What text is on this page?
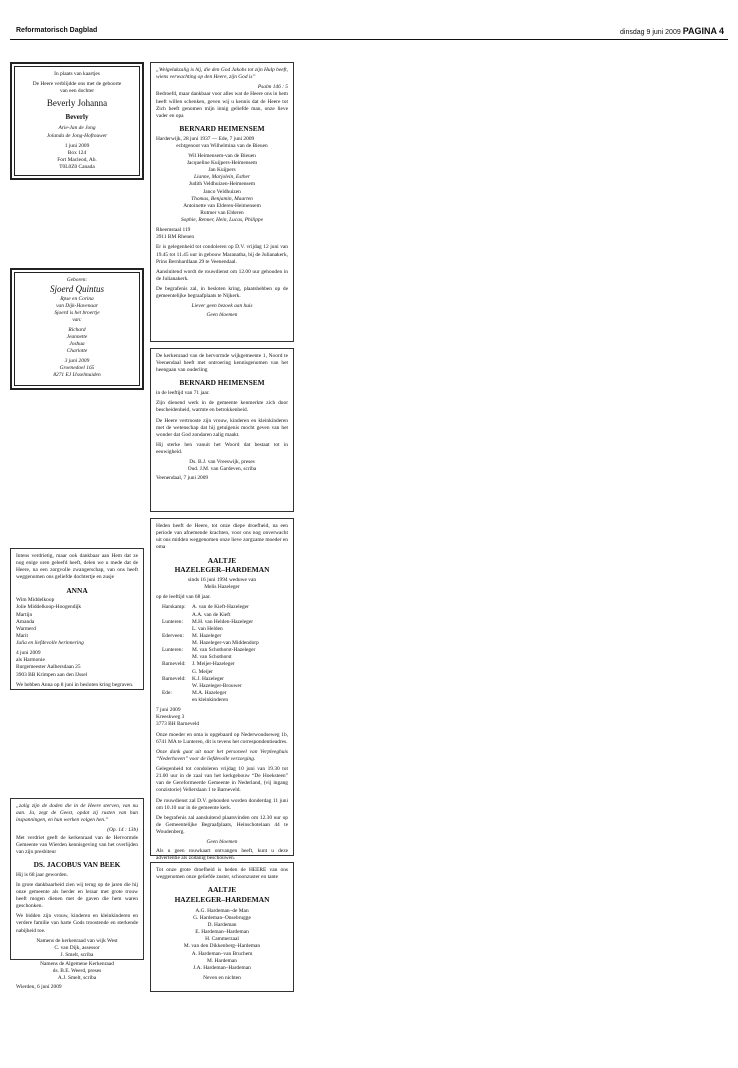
Reformatorisch Dagblad	dinsdag 9 juni 2009 PAGINA 4
In plaats van kaartjes
De Heere verblijdde ons met de geboorte
van een dochter
Beverly Johanna
Beverly
Arie-Jan de Jong
Jolanda de Jong-Hoftouwer
1 juni 2009
Box 124
Fort Macleod, Ab.
T0L0Z0 Canada
Geboren:
Sjoerd Quintus
Rpse en Corina
van Dijk-Havenaar
Sjoerd is het broertje
van:
Richard
Jeannette
Joshua
Charlotte
3 juni 2009
Groenedoel 165
8271 EJ IJsselmuiden
Intens verdrietig, maar ook dankbaar aan Hem dat ze nog enige uren geleefd heeft, delen we u mede dat de Heere, na een zorgvolle zwangerschap, van ons heeft weggenomen ons geliefde dochtertje en zusje
ANNA
Wim Middelkoop
Jolie Middelkoop-Hoogendijk
Martijn
Amanda
Warmerd
Marit
Julia en liefdevolle herinnering
4 juni 2009
als Harmonie
Burgemeester Aalbersdaan 25
3903 BB Krimpen aan den IJssel
We hebben Anna op 8 juni in besloten kring begraven.
„zalig zijn de doden die in de Heere sterven, van nu aan. Ja, zegt de Geest, opdat zij rusten van hun inspanningen, en hun werken volgen hen.”
(Op. 14 : 13b)
Met verdriet geeft de kerkenraad van de Hervormde Gemeente van Wierden kennisgeving van het overlijden van zijn presbiteur
DS. JACOBUS VAN BEEK
Hij is 68 jaar geworden.
In grote dankbaarheid zien wij terug op de jaren die hij onze gemeente als herder en leraar met grote trouw heeft mogen dienen met de gaven die hem waren geschonken.
We bidden zijn vrouw, kinderen en kleinkinderen en verdere familie van harte Gods troostende en sterkende nabijheid toe.
Namens de kerkenraad van wijk West
C. van Dijk, assessor
J. Smelt, scriba
Namens de Algemene Kerkenraad
ds. B.E. Weerd, preses
A.J. Smelt, scriba
Wierden, 6 juni 2009
„Welgelukzalig is hij, die den God Jakobs tot zijn Hulp heeft, wiens verwachting op den Heere, zijn God is”
Psalm 146 : 5
Bedroefd, maar dankbaar voor alles wat de Heere ons in hem heeft willen schenken, geven wij u kennis dat de Heere tot Zich heeft genomen mijn innig geliefde man, onze lieve vader en opa
BERNARD HEIMENSEM
Harderwijk, 28 juni 1937 — Ede, 7 juni 2009
echtgenoot van Wilhelmina van de Bieuen
Wil Heimensem-van de Bieuen
Jacqueline Kuijpers-Heimensem
Jan Kuijpers
Lianne, Marjolein, Esther
Judith Veldhuizen-Heimensem
Janco Veldhuizen
Thomas, Benjamin, Maarten
Antoinette van Elderen-Heimensem
Rutmer van Elderen
Sophie, Renner, Hein, Lucas, Philippe
Rheemstaal 119
3911 BM Rhenen
Er is gelegenheid tot condoleren op D.V. vrijdag 12 juni van 19.45 tot 11.45 uur in gebouw Maranatha, bij de Julianakerk, Prins Bernhardlaan 29 te Veenendaal.
Aansluitend wordt de rouwdienst om 12.00 uur gehouden in de Julianakerk.
De begrafenis zal, in besloten kring, plaatshebben op de gemeentelijke begraafplaats te Nijkerk.
Liever geen bezoek aan huis
Geen bloemen
De kerkenraad van de hervormde wijkgemeente 1, Noord te Veenendaal heeft met ontroering kennisgenomen van het heengaan van ouderling
BERNARD HEIMENSEM
in de leeftijd van 71 jaar.
Zijn dienend werk in de gemeente kenmerkte zich door bescheidenheid, warmte en betrokkenheid.
De Heere vertrooste zijn vrouw, kinderen en kleinkinderen met de wetenschap dat hij getuigenis mocht geven van het wonder dat God zondaren zalig maakt.
Hij sterke hen vanuit het Woord dat bestaat tot in eeuwigheid.
Ds. B.J. van Vreeswijk, preses
Oud. J.M. van Gardeven, scriba
Veenendaal, 7 juni 2009
Heden heeft de Heere, tot onze diepe droefheid, na een periode van afnemende krachten, voor ons nog onverwacht uit ons midden weggenomen onze lieve zorgzame moeder en oma
AALTJE
HAZELEGER–HARDEMAN
sinds 16 juni 1994 weduwe van
Melis Hazeleger
op de leeftijd van 68 jaar.
Harskamp: A. van de Kieft-Hazeleger
A.A. van de Kieft
Lunteren: M.H. van Helden-Hazeleger
L. van Helden
Ederveen: M. Hazeleger
M. Hazeleger-van Middendorp
Lunteren: M. van Schothorst-Hazeleger
M. van Schothorst
Barneveld: J. Meijer-Hazeleger
G. Meijer
Barneveld: K.J. Hazeleger
W. Hazeleger-Brouwer
Ede:	M.A. Hazeleger
en kleinkinderen
7 juni 2009
Kreeskweg 3
3773 BH Barneveld
Onze moeder en oma is opgebaard op Nederwoudseweg 1b, 6741 MA te Lunteren, dit is tevens het correspondentieadres.
Onze dank gaat uit naar het personeel van Verpleeghuis “Nederhoven” voor de liefdevolle verzorging.
Gelegenheid tot condoleren vrijdag 10 juni van 19.30 tot 21.00 uur in de zaal van het kerkgebouw “De Hoeksteen” van de Gereformeerde Gemeente in Nederland, (vij ingang conzistorie) Vellerslaan 1 te Barneveld.
De rouwdienst zal D.V. gehouden worden donderdag 11 juni om 10.10 uur in de gemeente kerk.
De begrafenis zal aansluitend plaatsvinden om 12.30 uur op de Gemeentelijke Begraafplaats, Heinschotelaan 44 te Woudenberg.
Geen bloemen
Als u geen rouwkaart ontvangen heeft, kunt u deze advertentie als zodanig beschouwen.
Tot onze grote droefheid is heden de HEERE van ons weggenomen onze geliefde zuster, schoonzuster en tante
AALTJE
HAZELEGER–HARDEMAN
A.G. Hardeman–de Man
G. Hardeman–Onsebrugge
D. Hardeman
E. Hardeman–Hardeman
H. Cammerzaal
M. van den Dikkenberg–Hardeman
A. Hardeman–van Bruchem
M. Hardeman
J.A. Hardeman–Hardeman
Neven en nichten
